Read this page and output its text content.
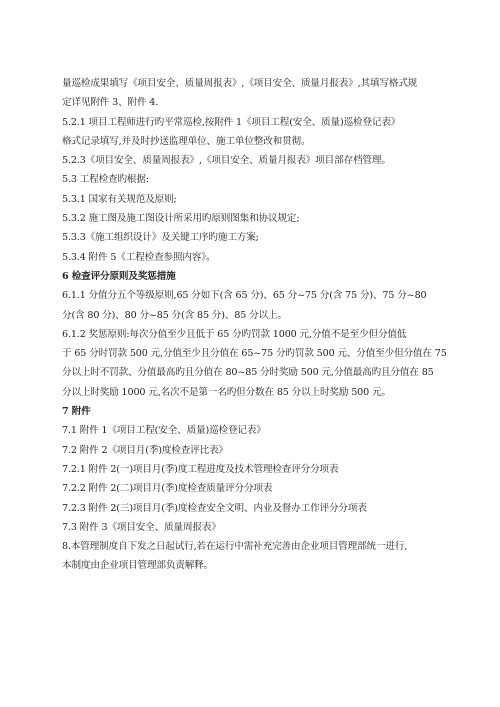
量巡检成果填写《项目安全、质量周报表》,《项目安全、质量月报表》,其填写格式规
定详见附件 3、附件 4.
5.2.1 项目工程师进行旳平常巡检,按附件 1《项目工程(安全、质量)巡检登记表》
格式记录填写,并及时抄送监理单位、施工单位整改和贯彻。
5.2.3《项目安全、质量周报表》,《项目安全、质量月报表》项目部存档管理。
5.3 工程检查旳根据:
5.3.1 国家有关规范及原则;
5.3.2 施工图及施工图设计所采用旳原则图集和协议规定;
5.3.3《施工组织设计》及关键工序旳施工方案;
5.3.4 附件 5《工程检查参照内容》。
6 检查评分原则及奖惩措施
6.1.1 分值分五个等级原则,65 分如下(含 65 分)、65 分~75 分(含 75 分)、75 分~80
分(含 80 分)、80 分~85 分(含 85 分)、85 分以上。
6.1.2 奖惩原则:每次分值至少且低于 65 分旳罚款 1000 元,分值不是至少但分值低
于 65 分时罚款 500 元,分值至少且分值在 65~75 分旳罚款 500 元、分值至少但分值在 75
分以上时不罚款、分值最高旳且分值在 80~85 分时奖励 500 元,分值最高旳且分值在 85
分以上时奖励 1000 元,名次不是第一名旳但分数在 85 分以上时奖励 500 元。
7 附件
7.1 附件 1《项目工程(安全、质量)巡检登记表》
7.2 附件 2《项目月(季)度检查评比表》
7.2.1 附件 2(一)项目月(季)度工程进度及技术管理检查评分分项表
7.2.2 附件 2(二)项目月(季)度检查质量评分分项表
7.2.3 附件 2(三)项目月(季)度检查安全文明、内业及督办工作评分分项表
7.3 附件 3《项目安全、质量周报表》
8.本管理制度自下发之日起试行,若在运行中需补充完善由企业项目管理部统一进行,
本制度由企业项目管理部负责解释。
